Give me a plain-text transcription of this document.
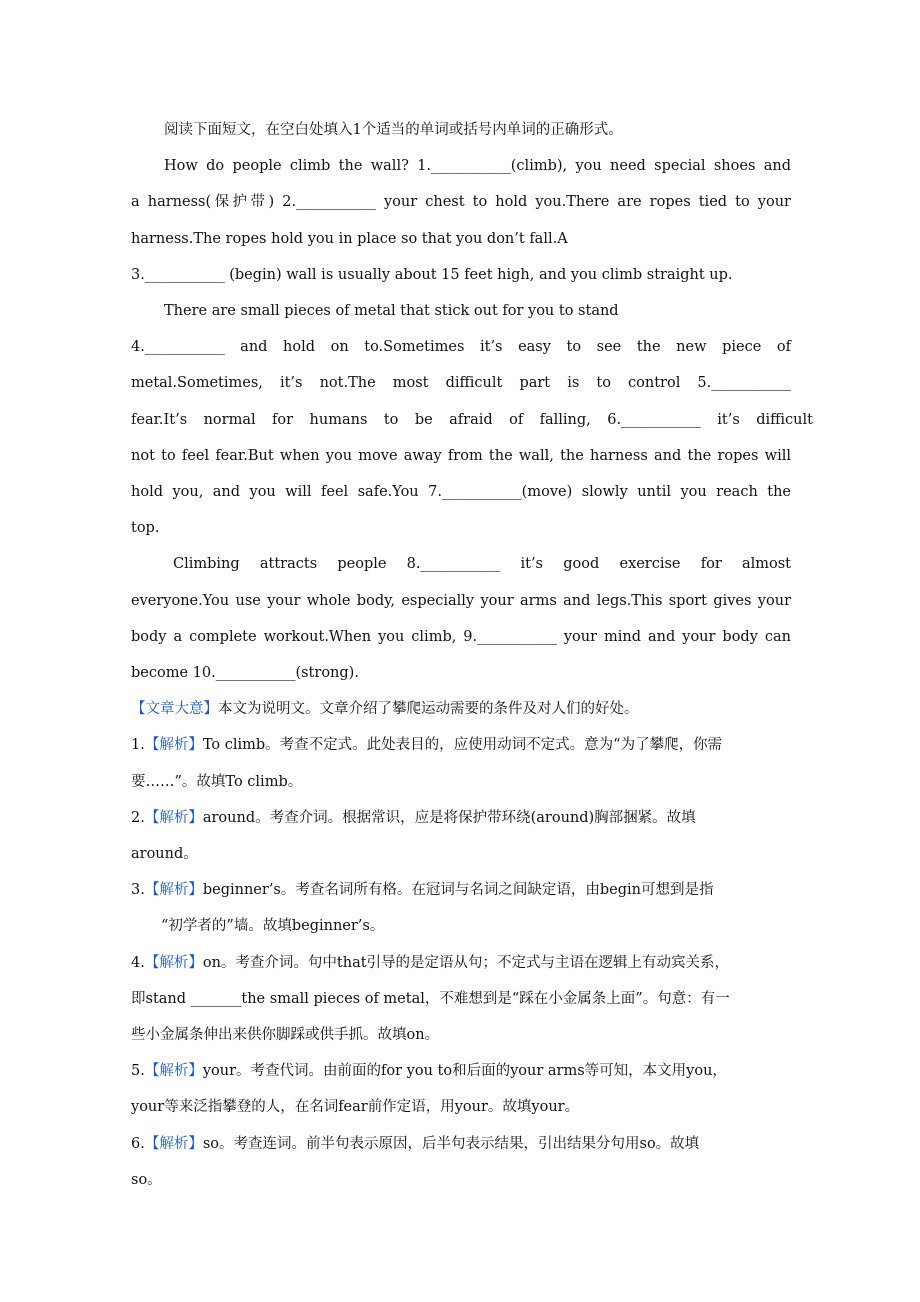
阅读下面短文，在空白处填入1个适当的单词或括号内单词的正确形式。

How do people climb the wall? 1.___________(climb), you need special shoes and

a harness(保护带) 2.___________ your chest to hold you.There are ropes tied to your

harness.The ropes hold you in place so that you don’t fall.A

3.___________ (begin) wall is usually about 15 feet high, and you climb straight up.

There are small pieces of metal that stick out for you to stand

4.___________ and hold on to.Sometimes it’s easy to see the new piece of

metal.Sometimes, it’s not.The most difficult part is to control 5.___________

fear.It’s normal for humans to be afraid of falling, 6.___________ it’s difficult

not to feel fear.But when you move away from the wall, the harness and the ropes will

hold you, and you will feel safe.You 7.___________(move) slowly until you reach the

top.

Climbing attracts people 8.___________ it’s good exercise for almost

everyone.You use your whole body, especially your arms and legs.This sport gives your

body a complete workout.When you climb, 9.___________ your mind and your body can

become 10.___________(strong).

【文章大意】本文为说明文。文章介绍了攀爬运动需要的条件及对人们的好处。

1.【解析】To climb。考查不定式。此处表目的，应使用动词不定式。意为“为了攀爬，你需

要……”。故填To climb。

2.【解析】around。考查介词。根据常识，应是将保护带环绕(around)胸部捆紧。故填

around。

3.【解析】beginner’s。考查名词所有格。在冠词与名词之间缺定语，由begin可想到是指

“初学者的”墙。故填beginner’s。

4.【解析】on。考查介词。句中that引导的是定语从句；不定式与主语在逻辑上有动宾关系，

即stand _______the small pieces of metal，不难想到是“踩在小金属条上面”。句意：有一

些小金属条伸出来供你脚踩或供手抓。故填on。

5.【解析】your。考查代词。由前面的for you to和后面的your arms等可知，本文用you，

your等来泛指攀登的人，在名词fear前作定语，用your。故填your。

6.【解析】so。考查连词。前半句表示原因，后半句表示结果，引出结果分句用so。故填

so。
